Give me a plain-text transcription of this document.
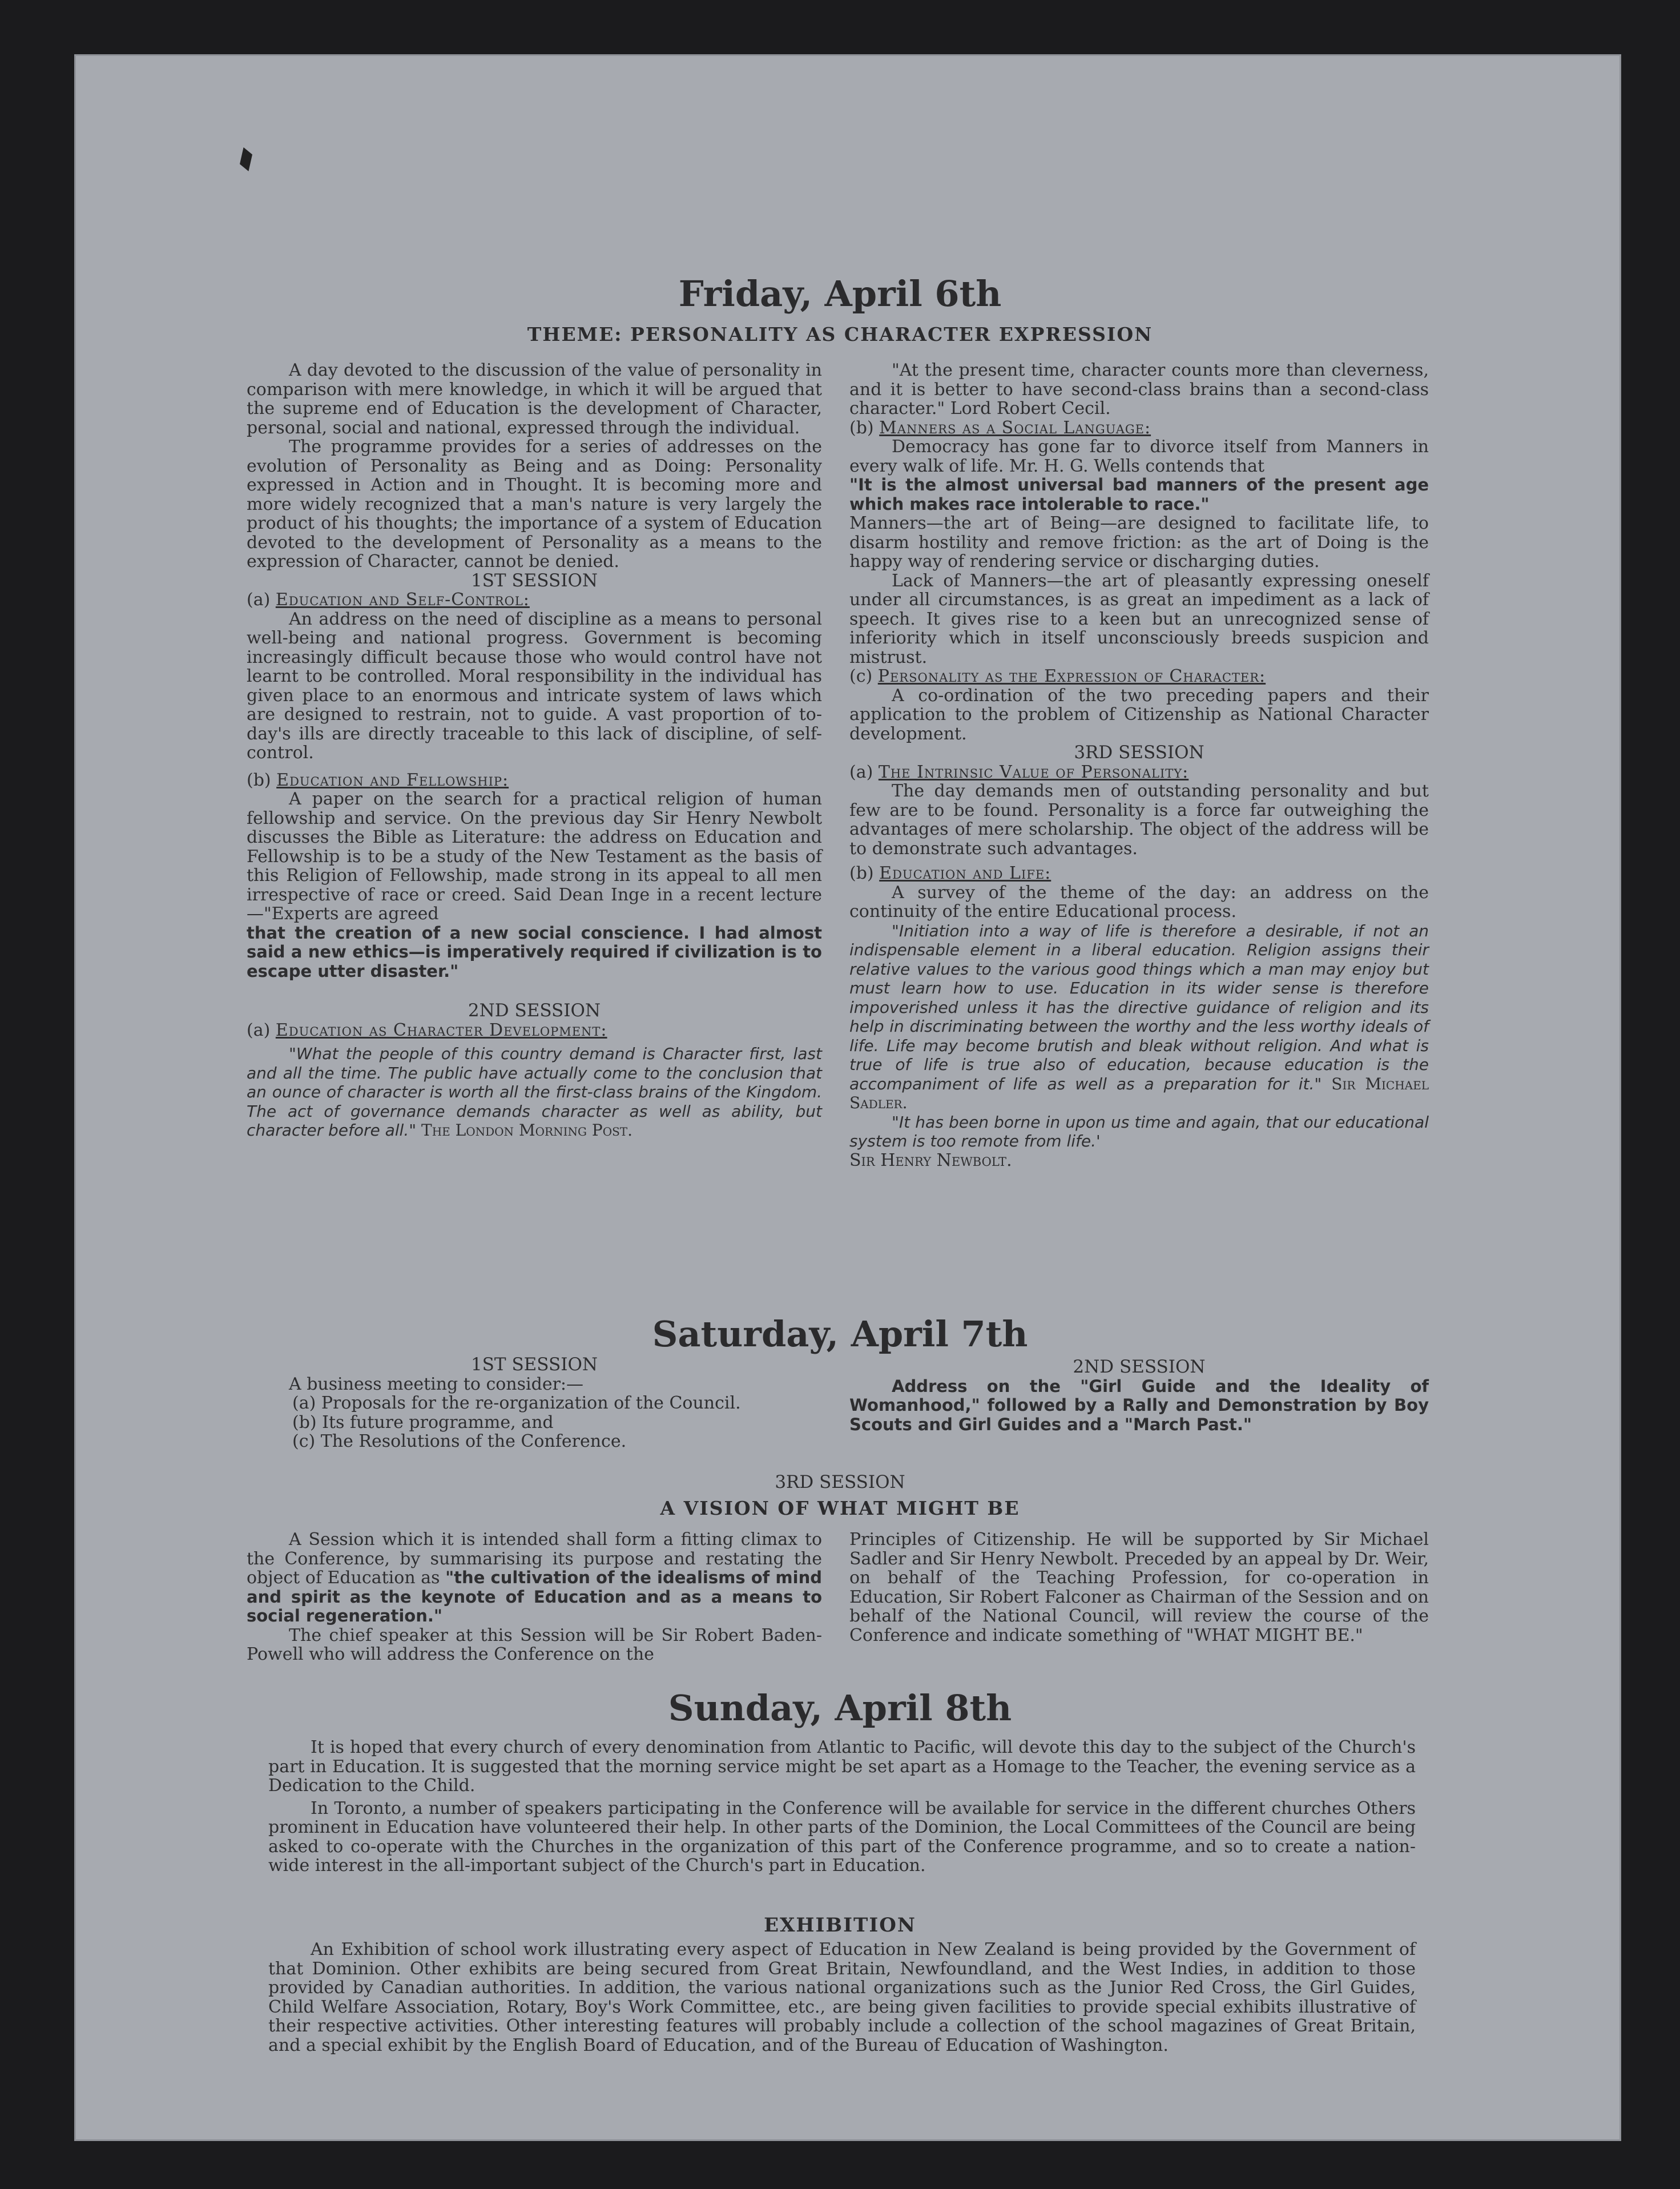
Friday, April 6th
THEME: PERSONALITY AS CHARACTER EXPRESSION

A day devoted to the discussion of the value of personality in comparison with mere knowledge, in which it will be argued that the supreme end of Education is the development of Character, personal, social and national, expressed through the individual.

The programme provides for a series of addresses on the evolution of Personality as Being and as Doing: Personality expressed in Action and in Thought. It is becoming more and more widely recognized that a man's nature is very largely the product of his thoughts; the importance of a system of Education devoted to the development of Personality as a means to the expression of Character, cannot be denied.

1ST SESSION

(a) Education and Self-Control:

An address on the need of discipline as a means to personal well-being and national progress. Government is becoming increasingly difficult because those who would control have not learnt to be controlled. Moral responsibility in the individual has given place to an enormous and intricate system of laws which are designed to restrain, not to guide. A vast proportion of to-day's ills are directly traceable to this lack of discipline, of self-control.

(b) Education and Fellowship:

A paper on the search for a practical religion of human fellowship and service. On the previous day Sir Henry Newbolt discusses the Bible as Literature: the address on Education and Fellowship is to be a study of the New Testament as the basis of this Religion of Fellowship, made strong in its appeal to all men irrespective of race or creed. Said Dean Inge in a recent lecture—"Experts are agreed

that the creation of a new social conscience. I had almost said a new ethics—is imperatively required if civilization is to escape utter disaster."

2ND SESSION

(a) Education as Character Development:

"What the people of this country demand is Character first, last and all the time. The public have actually come to the conclusion that an ounce of character is worth all the first-class brains of the Kingdom. The act of governance demands character as well as ability, but character before all." The London Morning Post.

"At the present time, character counts more than cleverness, and it is better to have second-class brains than a second-class character." Lord Robert Cecil.

(b) Manners as a Social Language:

Democracy has gone far to divorce itself from Manners in every walk of life. Mr. H. G. Wells contends that

"It is the almost universal bad manners of the present age which makes race intolerable to race."

Manners—the art of Being—are designed to facilitate life, to disarm hostility and remove friction: as the art of Doing is the happy way of rendering service or discharging duties.

Lack of Manners—the art of pleasantly expressing oneself under all circumstances, is as great an impediment as a lack of speech. It gives rise to a keen but an unrecognized sense of inferiority which in itself unconsciously breeds suspicion and mistrust.

(c) Personality as the Expression of Character:

A co-ordination of the two preceding papers and their application to the problem of Citizenship as National Character development.

3RD SESSION

(a) The Intrinsic Value of Personality:

The day demands men of outstanding personality and but few are to be found. Personality is a force far outweighing the advantages of mere scholarship. The object of the address will be to demonstrate such advantages.

(b) Education and Life:

A survey of the theme of the day: an address on the continuity of the entire Educational process.

"Initiation into a way of life is therefore a desirable, if not an indispensable element in a liberal education. Religion assigns their relative values to the various good things which a man may enjoy but must learn how to use. Education in its wider sense is therefore impoverished unless it has the directive guidance of religion and its help in discriminating between the worthy and the less worthy ideals of life. Life may become brutish and bleak without religion. And what is true of life is true also of education, because education is the accompaniment of life as well as a preparation for it." Sir Michael Sadler.

"It has been borne in upon us time and again, that our educational system is too remote from life.'

Sir Henry Newbolt.

Saturday, April 7th

1ST SESSION

A business meeting to consider:—

(a) Proposals for the re-organization of the Council.

(b) Its future programme, and

(c) The Resolutions of the Conference.

2ND SESSION

Address on the "Girl Guide and the Ideality of Womanhood," followed by a Rally and Demonstration by Boy Scouts and Girl Guides and a "March Past."

3RD SESSION
A VISION OF WHAT MIGHT BE

A Session which it is intended shall form a fitting climax to the Conference, by summarising its purpose and restating the object of Education as "the cultivation of the idealisms of mind and spirit as the keynote of Education and as a means to social regeneration."

The chief speaker at this Session will be Sir Robert Baden-Powell who will address the Conference on the

Principles of Citizenship. He will be supported by Sir Michael Sadler and Sir Henry Newbolt. Preceded by an appeal by Dr. Weir, on behalf of the Teaching Profession, for co-operation in Education, Sir Robert Falconer as Chairman of the Session and on behalf of the National Council, will review the course of the Conference and indicate something of "WHAT MIGHT BE."

Sunday, April 8th

It is hoped that every church of every denomination from Atlantic to Pacific, will devote this day to the subject of the Church's part in Education. It is suggested that the morning service might be set apart as a Homage to the Teacher, the evening service as a Dedication to the Child.

In Toronto, a number of speakers participating in the Conference will be available for service in the different churches Others prominent in Education have volunteered their help. In other parts of the Dominion, the Local Committees of the Council are being asked to co-operate with the Churches in the organization of this part of the Conference programme, and so to create a nation-wide interest in the all-important subject of the Church's part in Education.

EXHIBITION

An Exhibition of school work illustrating every aspect of Education in New Zealand is being provided by the Government of that Dominion. Other exhibits are being secured from Great Britain, Newfoundland, and the West Indies, in addition to those provided by Canadian authorities. In addition, the various national organizations such as the Junior Red Cross, the Girl Guides, Child Welfare Association, Rotary, Boy's Work Committee, etc., are being given facilities to provide special exhibits illustrative of their respective activities. Other interesting features will probably include a collection of the school magazines of Great Britain, and a special exhibit by the English Board of Education, and of the Bureau of Education of Washington.
